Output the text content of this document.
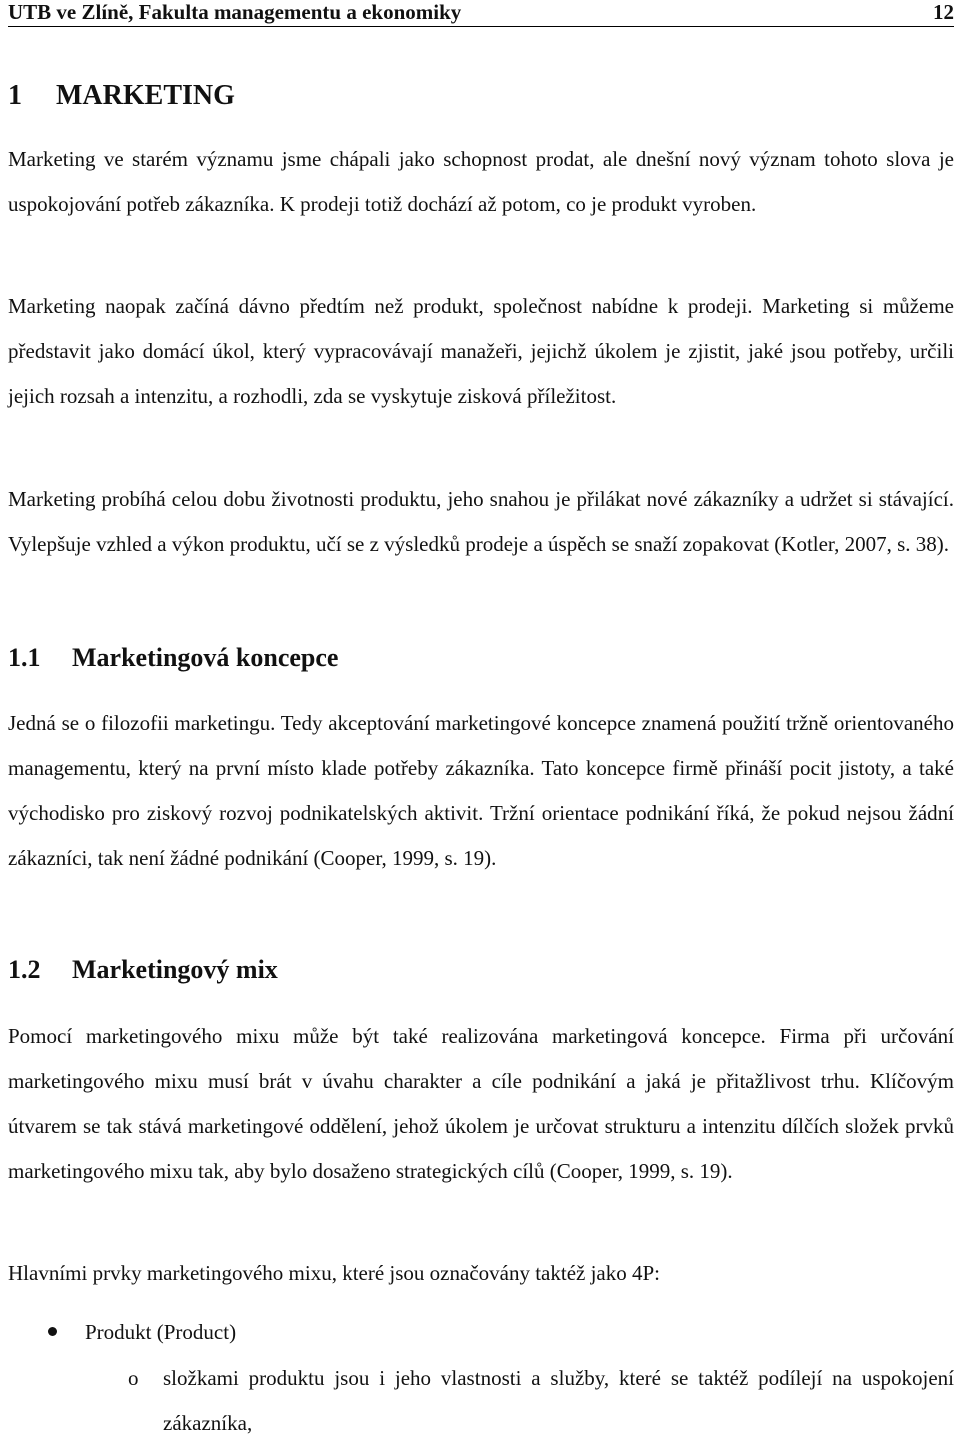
UTB ve Zlíně, Fakulta managementu a ekonomiky	12
1 MARKETING

Marketing ve starém významu jsme chápali jako schopnost prodat, ale dnešní nový význam tohoto slova je uspokojování potřeb zákazníka. K prodeji totiž dochází až potom, co je produkt vyroben.

Marketing naopak začíná dávno předtím než produkt, společnost nabídne k prodeji. Marketing si můžeme představit jako domácí úkol, který vypracovávají manažeři, jejichž úkolem je zjistit, jaké jsou potřeby, určili jejich rozsah a intenzitu, a rozhodli, zda se vyskytuje zisková příležitost.

Marketing probíhá celou dobu životnosti produktu, jeho snahou je přilákat nové zákazníky a udržet si stávající. Vylepšuje vzhled a výkon produktu, učí se z výsledků prodeje a úspěch se snaží zopakovat (Kotler, 2007, s. 38).

1.1 Marketingová koncepce

Jedná se o filozofii marketingu. Tedy akceptování marketingové koncepce znamená použití tržně orientovaného managementu, který na první místo klade potřeby zákazníka. Tato koncepce firmě přináší pocit jistoty, a také východisko pro ziskový rozvoj podnikatelských aktivit. Tržní orientace podnikání říká, že pokud nejsou žádní zákazníci, tak není žádné podnikání (Cooper, 1999, s. 19).

1.2 Marketingový mix

Pomocí marketingového mixu může být také realizována marketingová koncepce. Firma při určování marketingového mixu musí brát v úvahu charakter a cíle podnikání a jaká je přitažlivost trhu. Klíčovým útvarem se tak stává marketingové oddělení, jehož úkolem je určovat strukturu a intenzitu dílčích složek prvků marketingového mixu tak, aby bylo dosaženo strategických cílů (Cooper, 1999, s. 19).

Hlavními prvky marketingového mixu, které jsou označovány taktéž jako 4P:

Produkt (Product)
o složkami produktu jsou i jeho vlastnosti a služby, které se taktéž podílejí na uspokojení zákazníka,
